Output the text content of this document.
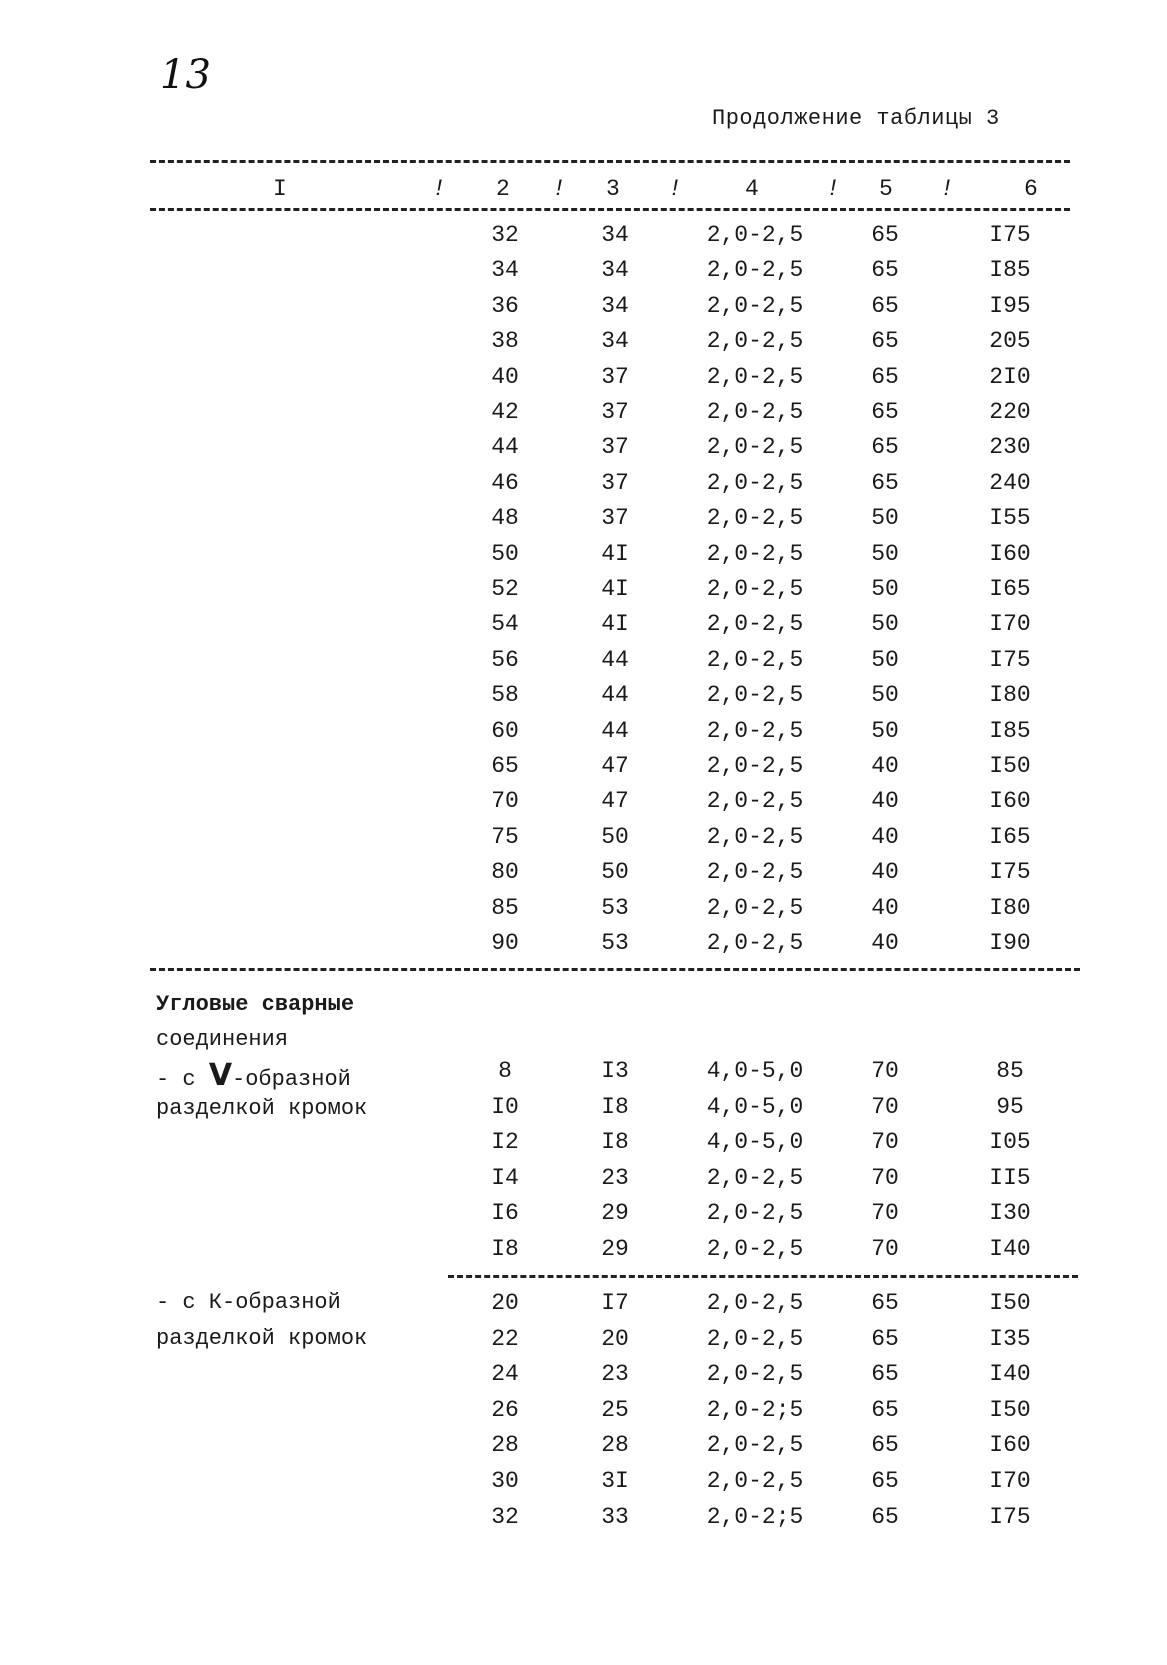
13
Продолжение таблицы 3
I	! 2 ! 3 !	4	! 5 !	6
32	34	2,0-2,5	65	I75
34	34	2,0-2,5	65	I85
36	34	2,0-2,5	65	I95
38	34	2,0-2,5	65	205
40	37	2,0-2,5	65	2I0
42	37	2,0-2,5	65	220
44	37	2,0-2,5	65	230
46	37	2,0-2,5	65	240
48	37	2,0-2,5	50	I55
50	4I	2,0-2,5	50	I60
52	4I	2,0-2,5	50	I65
54	4I	2,0-2,5	50	I70
56	44	2,0-2,5	50	I75
58	44	2,0-2,5	50	I80
60	44	2,0-2,5	50	I85
65	47	2,0-2,5	40	I50
70	47	2,0-2,5	40	I60
75	50	2,0-2,5	40	I65
80	50	2,0-2,5	40	I75
85	53	2,0-2,5	40	I80
90	53	2,0-2,5	40	I90
Угловые сварные
соединения
- с V-образной
разделкой кромок
8	I3	4,0-5,0	70	85
I0	I8	4,0-5,0	70	95
I2	I8	4,0-5,0	70	I05
I4	23	2,0-2,5	70	II5
I6	29	2,0-2,5	70	I30
I8	29	2,0-2,5	70	I40
- с К-образной
разделкой кромок
20	I7	2,0-2,5	65	I50
22	20	2,0-2,5	65	I35
24	23	2,0-2,5	65	I40
26	25	2,0-2;5	65	I50
28	28	2,0-2,5	65	I60
30	3I	2,0-2,5	65	I70
32	33	2,0-2;5	65	I75
